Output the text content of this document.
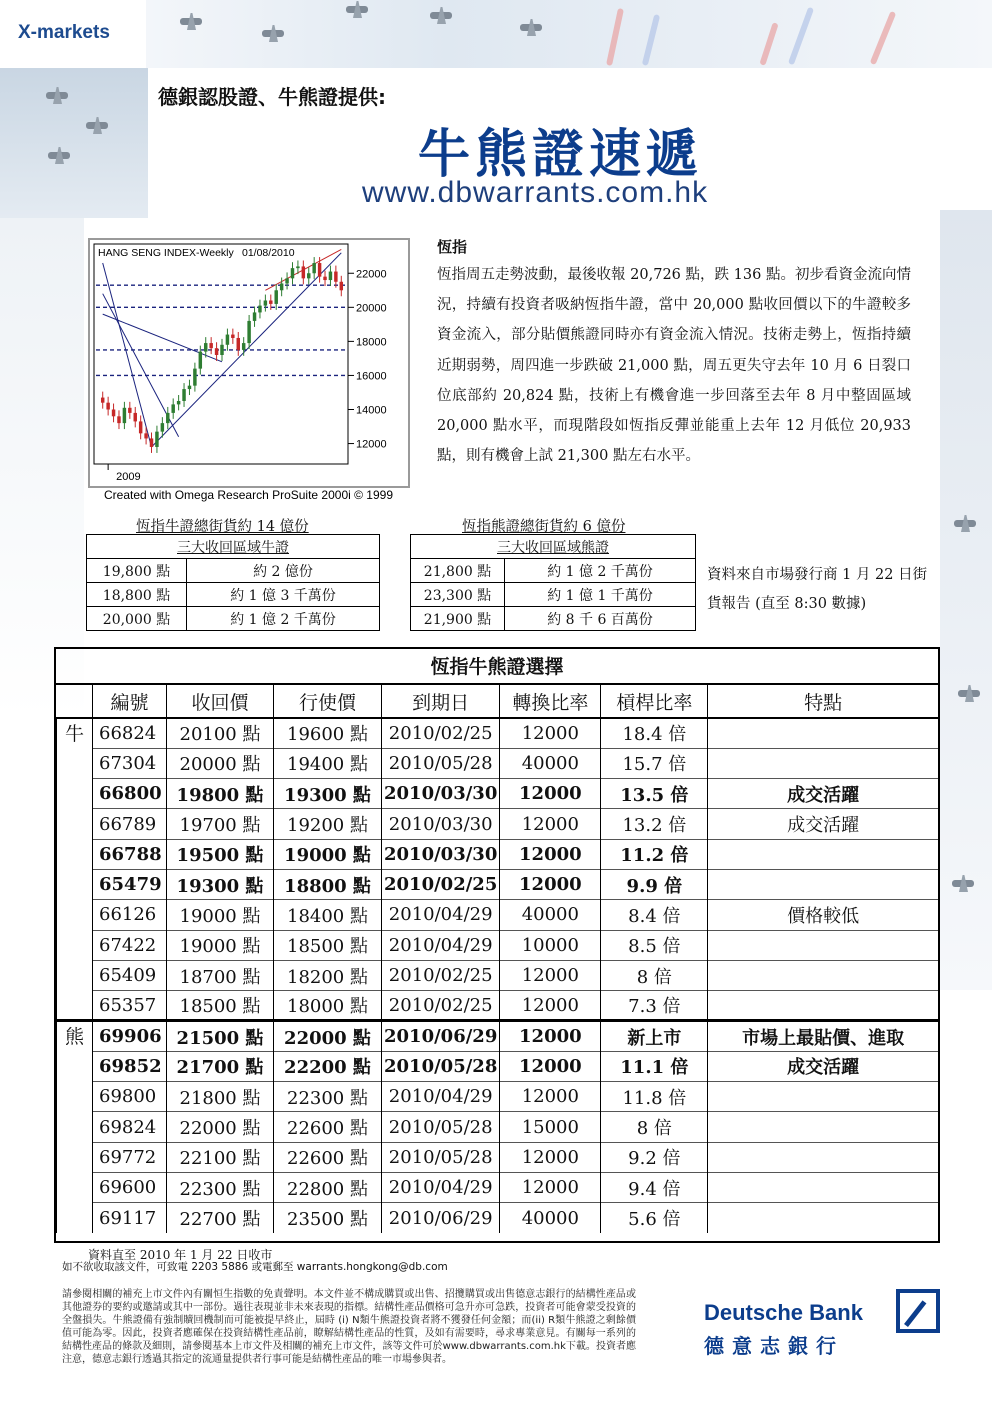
X-markets
德銀認股證、牛熊證提供:
牛熊證速遞
www.dbwarrants.com.hk
HANG SENG INDEX-Weekly 01/08/2010
12000
14000
16000
18000
20000
22000
2009
Created with Omega Research ProSuite 2000i © 1999
恆指
恆指周五走勢波動，最後收報 20,726 點，跌 136 點。初步看資金流向情況，持續有投資者吸納恆指牛證，當中 20,000 點收回價以下的牛證較多資金流入，部分貼價熊證同時亦有資金流入情況。技術走勢上，恆指持續近期弱勢，周四進一步跌破 21,000 點，周五更失守去年 10 月 6 日裂口位底部約 20,824 點，技術上有機會進一步回落至去年 8 月中整固區域 20,000 點水平，而現階段如恆指反彈並能重上去年 12 月低位 20,933 點，則有機會上試 21,300 點左右水平。
恆指牛證總街貨約 14 億份
三大收回區域牛證	
19,800 點	約 2 億份
18,800 點	約 1 億 3 千萬份
20,000 點	約 1 億 2 千萬份
恆指熊證總街貨約 6 億份
三大收回區域熊證	
21,800 點	約 1 億 2 千萬份
23,300 點	約 1 億 1 千萬份
21,900 點	約 8 千 6 百萬份
資料來自市場發行商 1 月 22 日街貨報告 (直至 8:30 數據)
恆指牛熊證選擇
	編號	收回價	行使價	到期日	轉換比率	槓桿比率	特點
牛	66824	20100 點	19600 點	2010/02/25	12000	18.4 倍	
	67304	20000 點	19400 點	2010/05/28	40000	15.7 倍	
	66800	19800 點	19300 點	2010/03/30	12000	13.5 倍	成交活躍
	66789	19700 點	19200 點	2010/03/30	12000	13.2 倍	成交活躍
	66788	19500 點	19000 點	2010/03/30	12000	11.2 倍	
	65479	19300 點	18800 點	2010/02/25	12000	9.9 倍	
	66126	19000 點	18400 點	2010/04/29	40000	8.4 倍	價格較低
	67422	19000 點	18500 點	2010/04/29	10000	8.5 倍	
	65409	18700 點	18200 點	2010/02/25	12000	8 倍	
	65357	18500 點	18000 點	2010/02/25	12000	7.3 倍	
熊	69906	21500 點	22000 點	2010/06/29	12000	新上市	市場上最貼價、進取
	69852	21700 點	22200 點	2010/05/28	12000	11.1 倍	成交活躍
	69800	21800 點	22300 點	2010/04/29	12000	11.8 倍	
	69824	22000 點	22600 點	2010/05/28	15000	8 倍	
	69772	22100 點	22600 點	2010/05/28	12000	9.2 倍	
	69600	22300 點	22800 點	2010/04/29	12000	9.4 倍	
	69117	22700 點	23500 點	2010/06/29	40000	5.6 倍	
資料直至 2010 年 1 月 22 日收市
如不欲收取該文件，可致電 2203 5886 或電郵至 warrants.hongkong@db.com
請參閱相關的補充上市文件內有關恒生指數的免責聲明。本文件並不構成購買或出售、招攬購買或出售德意志銀行的結構性產品或其他證券的要約或邀請或其中一部份。過往表現並非未來表現的指標。結構性產品價格可急升亦可急跌，投資者可能會蒙受投資的全盤損失。牛熊證備有強制贖回機制而可能被提早終止，屆時 (i) N類牛熊證投資者將不獲發任何金額；而(ii) R類牛熊證之剩餘價值可能為零。因此，投資者應確保在投資結構性產品前，瞭解結構性產品的性質，及如有需要時，尋求專業意見。有關每一系列的結構性產品的條款及細則，請參閱基本上市文件及相關的補充上市文件，該等文件可於www.dbwarrants.com.hk下載。投資者應注意，德意志銀行透過其指定的流通量提供者行事可能是結構性產品的唯一市場參與者。
Deutsche Bank
德意志銀行
